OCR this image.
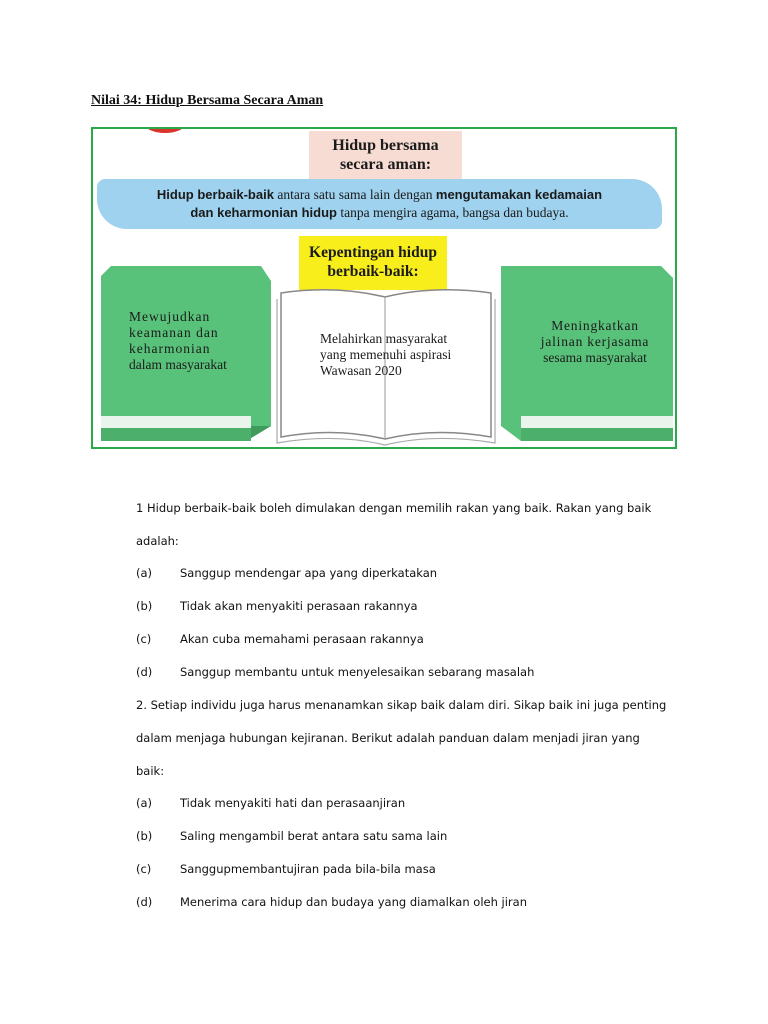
Nilai 34: Hidup Bersama Secara Aman
Hidup bersama
secara aman:
Hidup berbaik-baik antara satu sama lain dengan mengutamakan kedamaian
dan keharmonian hidup tanpa mengira agama, bangsa dan budaya.
Kepentingan hidup
berbaik-baik:
Mewujudkan
keamanan dan
keharmonian
dalam masyarakat
Melahirkan masyarakat
yang memenuhi aspirasi
Wawasan 2020
Meningkatkan
jalinan kerjasama
sesama masyarakat
1 Hidup berbaik-baik boleh dimulakan dengan memilih rakan yang baik. Rakan yang baik
adalah:
(a) Sanggup mendengar apa yang diperkatakan
(b) Tidak akan menyakiti perasaan rakannya
(c) Akan cuba memahami perasaan rakannya
(d) Sanggup membantu untuk menyelesaikan sebarang masalah
2. Setiap individu juga harus menanamkan sikap baik dalam diri. Sikap baik ini juga penting
dalam menjaga hubungan kejiranan. Berikut adalah panduan dalam menjadi jiran yang
baik:
(a) Tidak menyakiti hati dan perasaanjiran
(b) Saling mengambil berat antara satu sama lain
(c) Sanggupmembantujiran pada bila-bila masa
(d) Menerima cara hidup dan budaya yang diamalkan oleh jiran
